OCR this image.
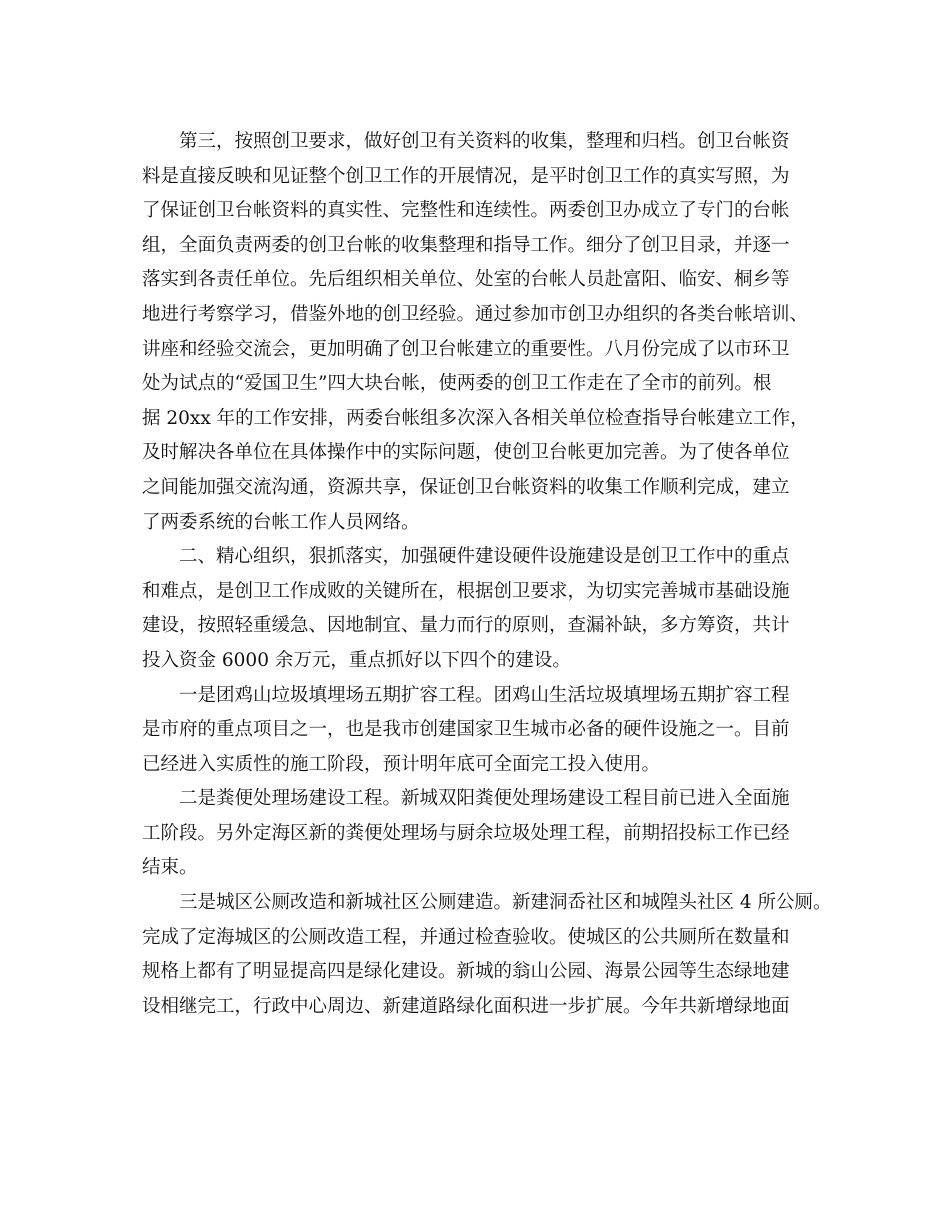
第三，按照创卫要求，做好创卫有关资料的收集，整理和归档。创卫台帐资
料是直接反映和见证整个创卫工作的开展情况，是平时创卫工作的真实写照，为
了保证创卫台帐资料的真实性、完整性和连续性。两委创卫办成立了专门的台帐
组，全面负责两委的创卫台帐的收集整理和指导工作。细分了创卫目录，并逐一
落实到各责任单位。先后组织相关单位、处室的台帐人员赴富阳、临安、桐乡等
地进行考察学习，借鉴外地的创卫经验。通过参加市创卫办组织的各类台帐培训、
讲座和经验交流会，更加明确了创卫台帐建立的重要性。八月份完成了以市环卫
处为试点的“爱国卫生”四大块台帐，使两委的创卫工作走在了全市的前列。根
据 20xx 年的工作安排，两委台帐组多次深入各相关单位检查指导台帐建立工作，
及时解决各单位在具体操作中的实际问题，使创卫台帐更加完善。为了使各单位
之间能加强交流沟通，资源共享，保证创卫台帐资料的收集工作顺利完成，建立
了两委系统的台帐工作人员网络。
二、精心组织，狠抓落实，加强硬件建设硬件设施建设是创卫工作中的重点
和难点，是创卫工作成败的关键所在，根据创卫要求，为切实完善城市基础设施
建设，按照轻重缓急、因地制宜、量力而行的原则，查漏补缺，多方筹资，共计
投入资金 6000 余万元，重点抓好以下四个的建设。
一是团鸡山垃圾填埋场五期扩容工程。团鸡山生活垃圾填埋场五期扩容工程
是市府的重点项目之一，也是我市创建国家卫生城市必备的硬件设施之一。目前
已经进入实质性的施工阶段，预计明年底可全面完工投入使用。
二是粪便处理场建设工程。新城双阳粪便处理场建设工程目前已进入全面施
工阶段。另外定海区新的粪便处理场与厨余垃圾处理工程，前期招投标工作已经
结束。
三是城区公厕改造和新城社区公厕建造。新建洞岙社区和城隍头社区 4 所公厕。
完成了定海城区的公厕改造工程，并通过检查验收。使城区的公共厕所在数量和
规格上都有了明显提高四是绿化建设。新城的翁山公园、海景公园等生态绿地建
设相继完工，行政中心周边、新建道路绿化面积进一步扩展。今年共新增绿地面
